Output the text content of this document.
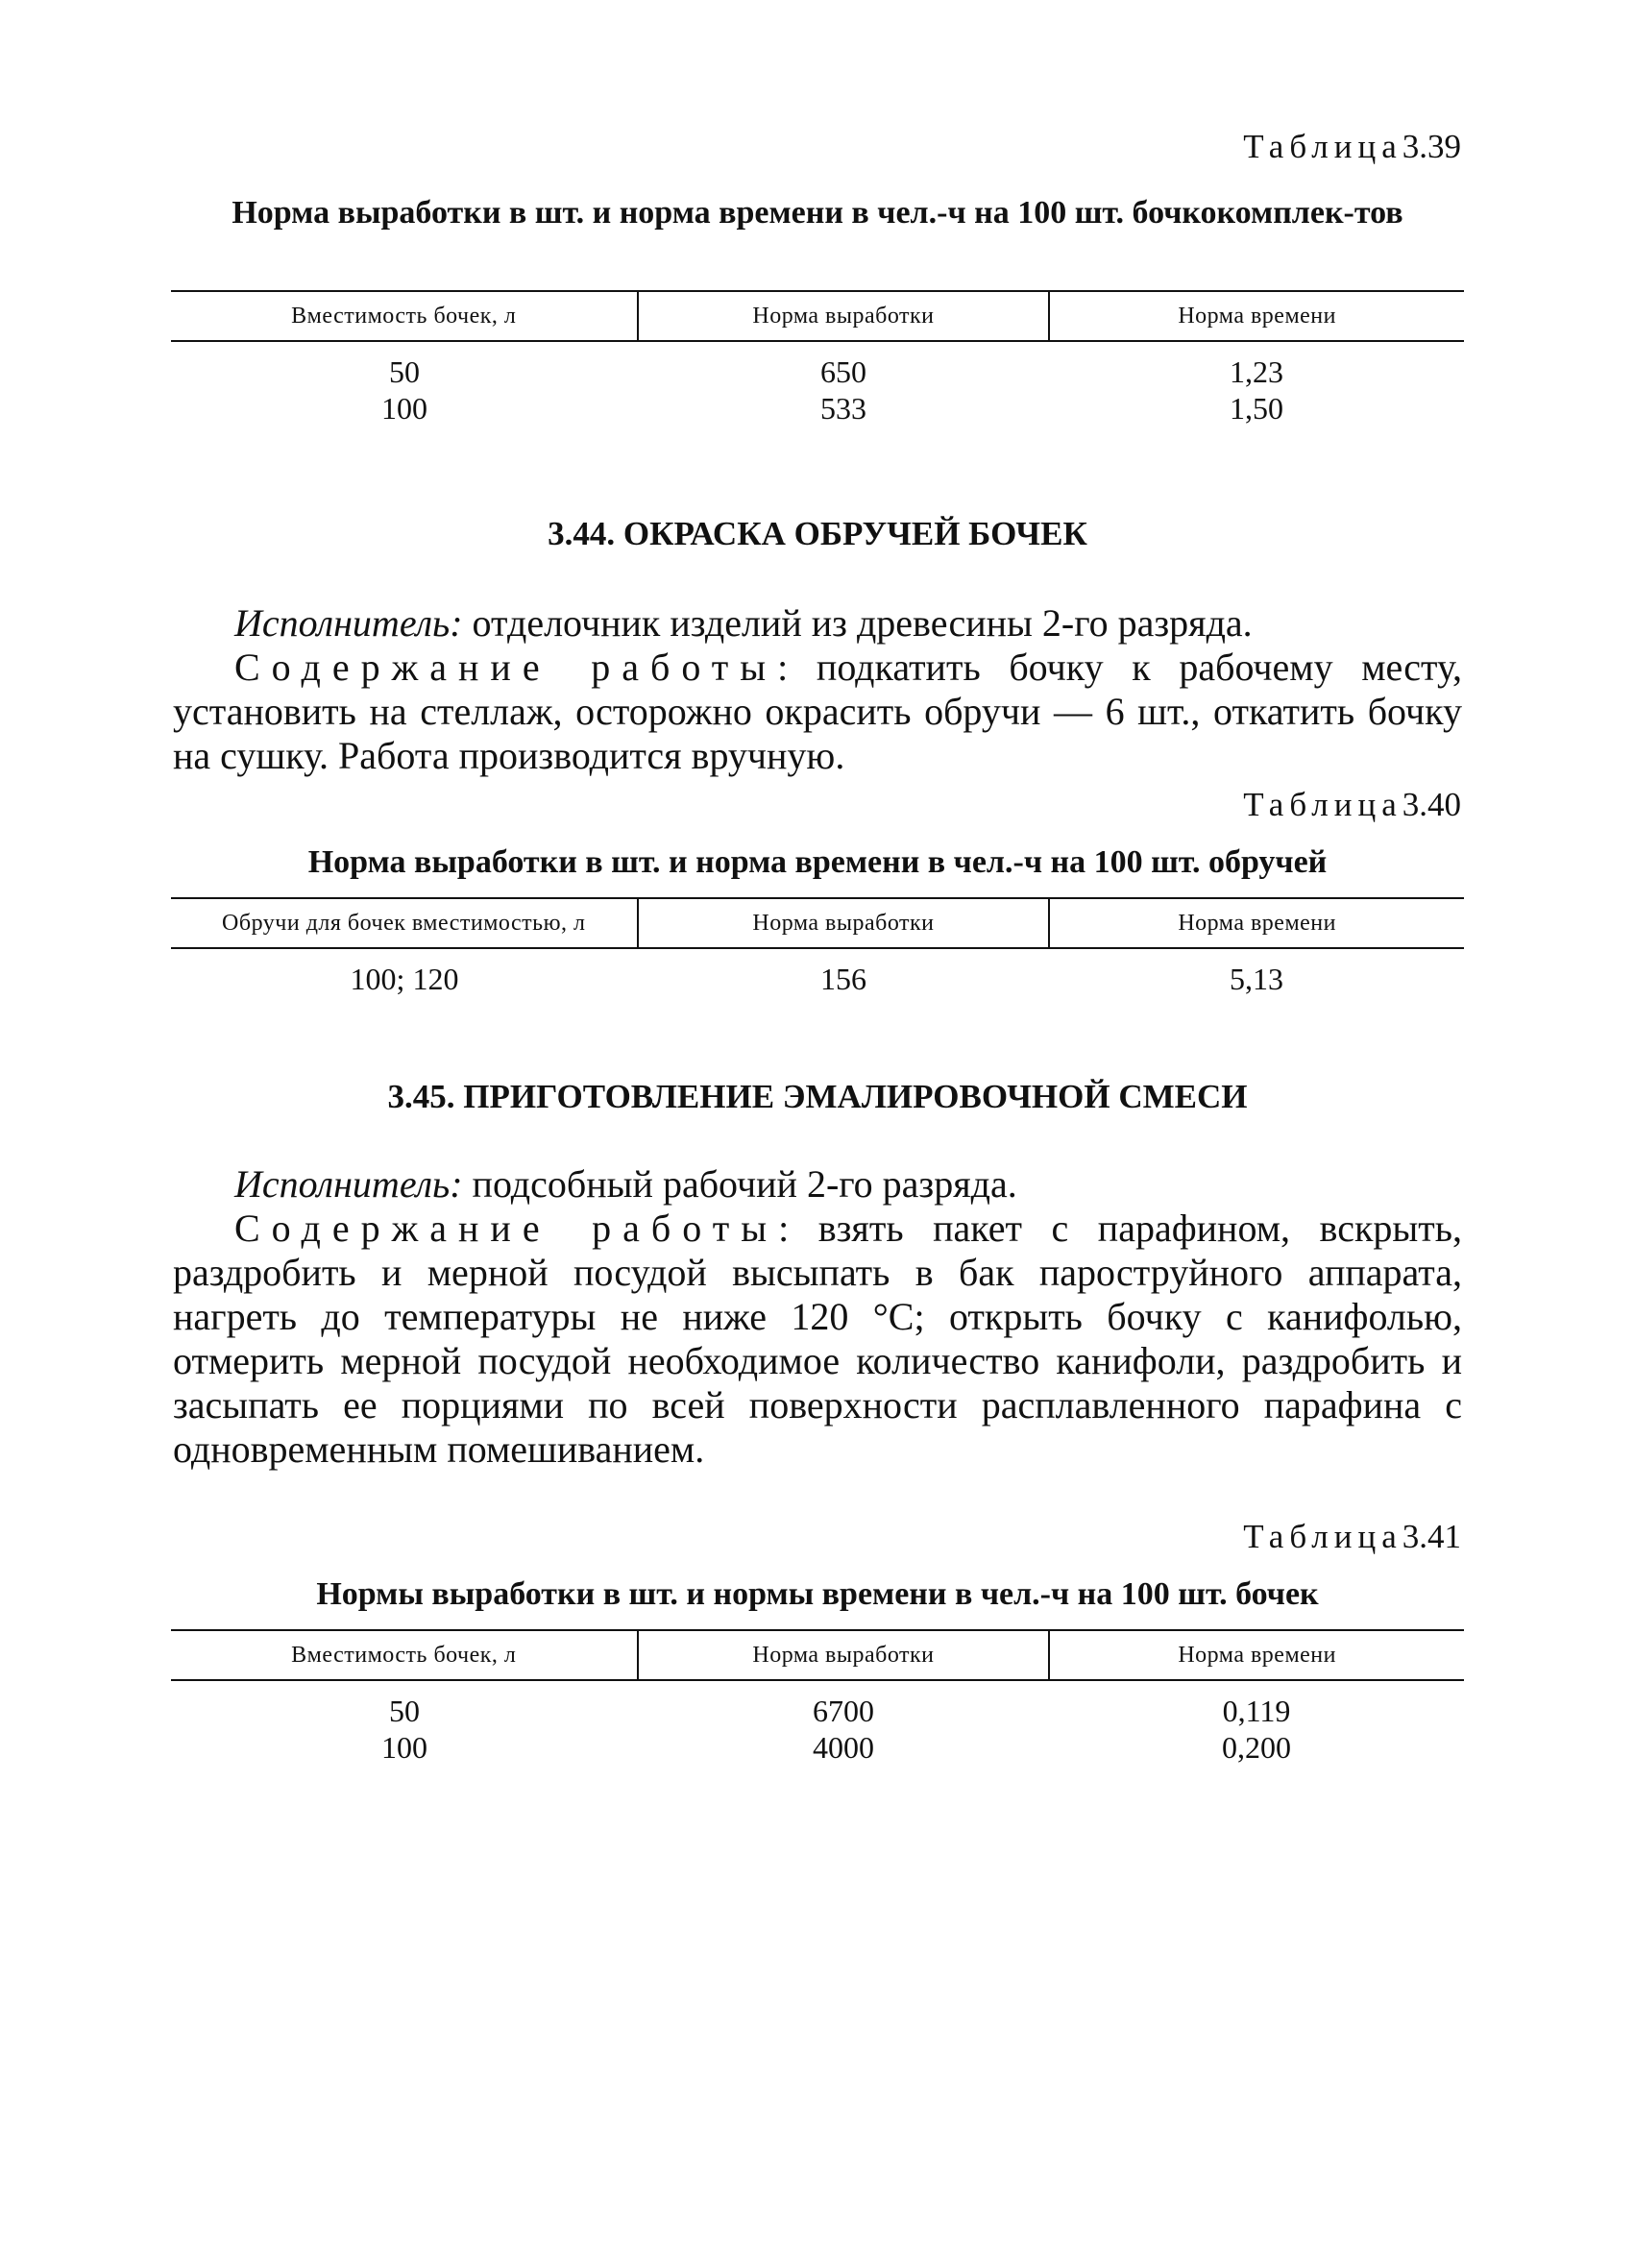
Таблица3.39
Норма выработки в шт. и норма времени в чел.-ч на 100 шт. бочкокомплек-тов
Вместимость бочек, л	Норма выработки	Норма времени
50	650	1,23
100	533	1,50
3.44. ОКРАСКА ОБРУЧЕЙ БОЧЕК
Исполнитель: отделочник изделий из древесины 2-го разряда.
Содержание работы: подкатить бочку к рабочему месту, установить на стеллаж, осторожно окрасить обручи — 6 шт., откатить бочку на сушку. Работа производится вручную.
Таблица3.40
Норма выработки в шт. и норма времени в чел.-ч на 100 шт. обручей
Обручи для бочек вместимостью, л	Норма выработки	Норма времени
100; 120	156	5,13
3.45. ПРИГОТОВЛЕНИЕ ЭМАЛИРОВОЧНОЙ СМЕСИ
Исполнитель: подсобный рабочий 2-го разряда.
Содержание работы: взять пакет с парафином, вскрыть, раздробить и мерной посудой высыпать в бак пароструйного аппарата, нагреть до температуры не ниже 120 °С; открыть бочку с канифолью, отмерить мерной посудой необходимое количество канифоли, раздробить и засыпать ее порциями по всей поверхности расплавленного парафина с одновременным помешиванием.
Таблица3.41
Нормы выработки в шт. и нормы времени в чел.-ч на 100 шт. бочек
Вместимость бочек, л	Норма выработки	Норма времени
50	6700	0,119
100	4000	0,200
